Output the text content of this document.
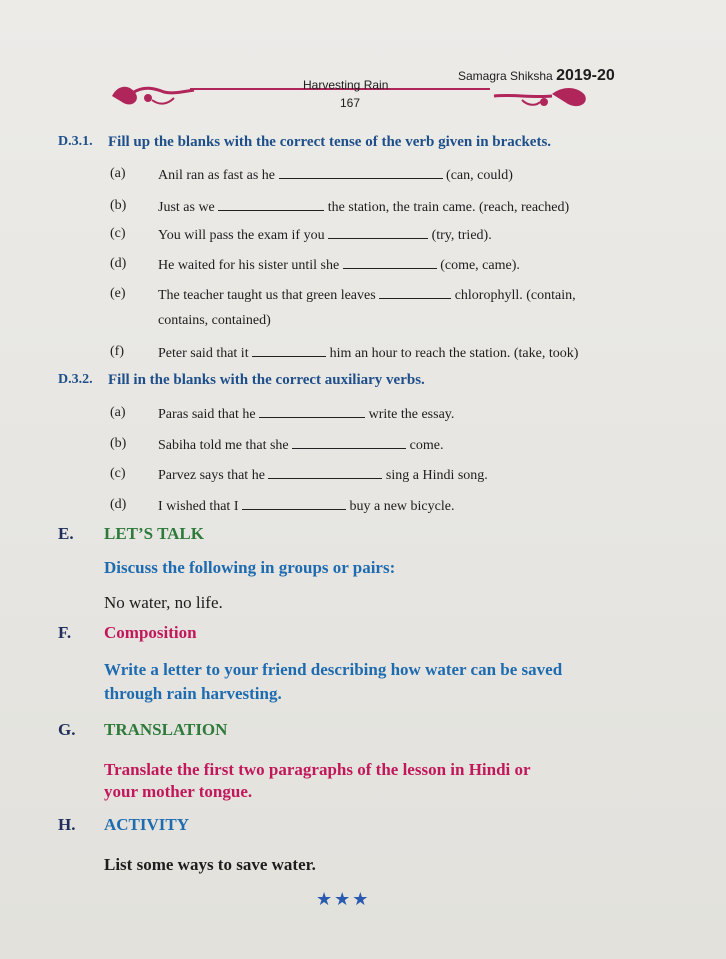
Harvesting Rain
167
Samagra Shiksha 2019-20
D.3.1. Fill up the blanks with the correct tense of the verb given in brackets.
(a) Anil ran as fast as he	(can, could)
(b) Just as we	the station, the train came. (reach, reached)
(c) You will pass the exam if you	(try, tried).
(d) He waited for his sister until she	(come, came).
(e) The teacher taught us that green leaves	chlorophyll. (contain,
contains, contained)
(f) Peter said that it	him an hour to reach the station. (take, took)
D.3.2. Fill in the blanks with the correct auxiliary verbs.
(a) Paras said that he	write the essay.
(b) Sabiha told me that she	come.
(c) Parvez says that he	sing a Hindi song.
(d) I wished that I	buy a new bicycle.
E. LET’S TALK
Discuss the following in groups or pairs:
No water, no life.
F. Composition
Write a letter to your friend describing how water can be saved
through rain harvesting.
G. TRANSLATION
Translate the first two paragraphs of the lesson in Hindi or
your mother tongue.
H. ACTIVITY
List some ways to save water.
★★★
